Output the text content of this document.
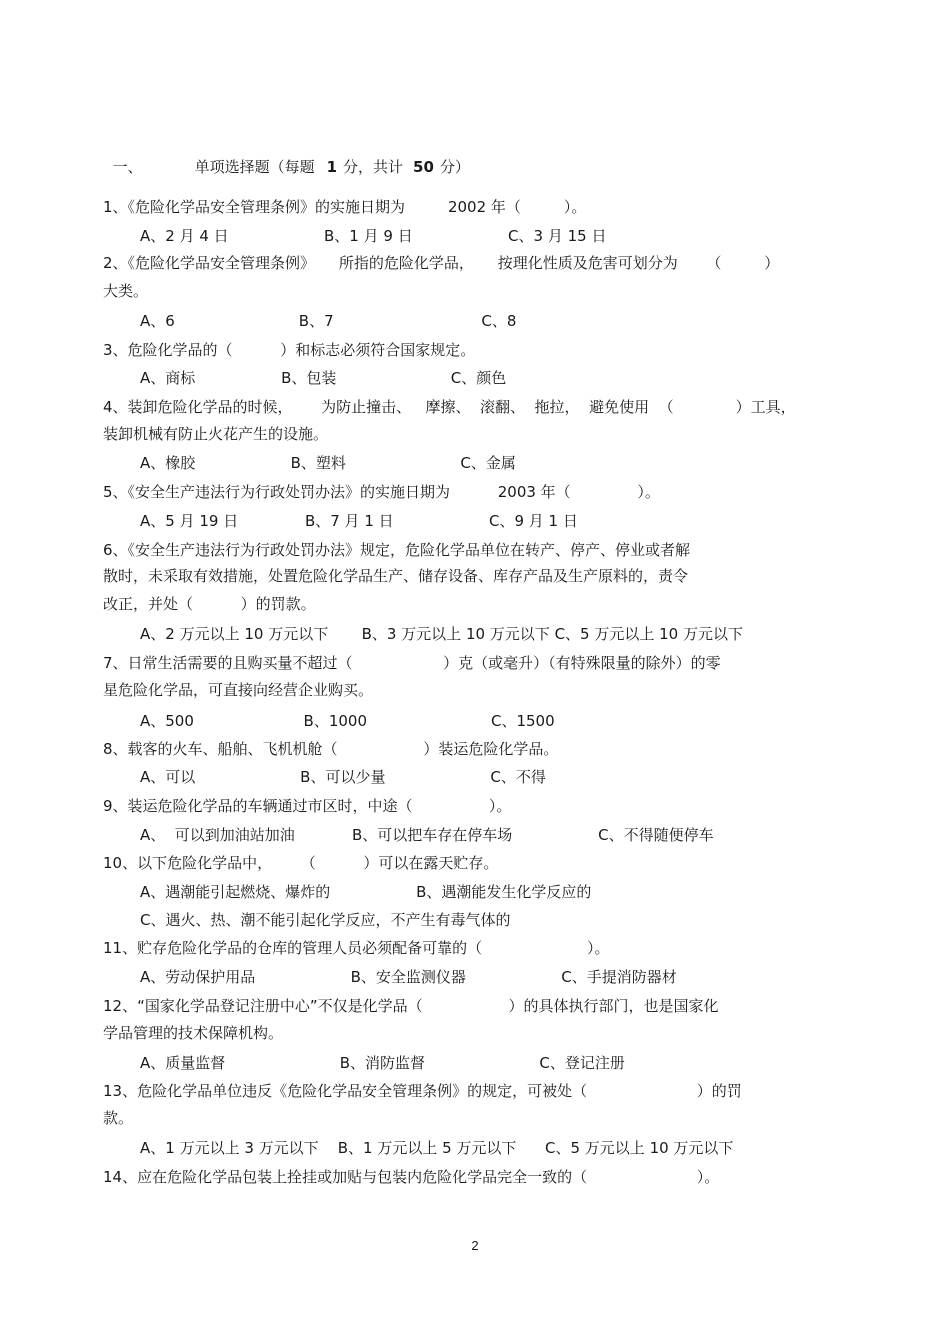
一、	单项选择题（每题 1 分，共计 50 分）

1、《危险化学品安全管理条例》的实施日期为         2002 年（         ）。
A、2 月 4 日                    B、1 月 9 日                    C、3 月 15 日
2、《危险化学品安全管理条例》     所指的危险化学品，     按理化性质及危害可划分为      （         ）
大类。
A、6                          B、7                               C、8
3、危险化学品的（          ）和标志必须符合国家规定。
A、商标                  B、包装                        C、颜色
4、装卸危险化学品的时候，      为防止撞击、   摩擦、  滚翻、  拖拉，  避免使用  （             ）工具，
装卸机械有防止火花产生的设施。
A、橡胶                    B、塑料                        C、金属
5、《安全生产违法行为行政处罚办法》的实施日期为          2003 年（              ）。
A、5 月 19 日              B、7 月 1 日                    C、9 月 1 日
6、《安全生产违法行为行政处罚办法》规定，危险化学品单位在转产、停产、停业或者解
散时，未采取有效措施，处置危险化学品生产、储存设备、库存产品及生产原料的，责令
改正，并处（          ）的罚款。
A、2 万元以上 10 万元以下       B、3 万元以上 10 万元以下 C、5 万元以上 10 万元以下
7、日常生活需要的且购买量不超过（                   ）克（或毫升）（有特殊限量的除外）的零
星危险化学品，可直接向经营企业购买。
A、500                       B、1000                          C、1500
8、载客的火车、船舶、飞机机舱（                  ）装运危险化学品。
A、可以                      B、可以少量                      C、不得
9、装运危险化学品的车辆通过市区时，中途（                ）。
A、  可以到加油站加油            B、可以把车存在停车场                  C、不得随便停车
10、以下危险化学品中，      （          ）可以在露天贮存。
A、遇潮能引起燃烧、爆炸的                  B、遇潮能发生化学反应的
C、遇火、热、潮不能引起化学反应，不产生有毒气体的
11、贮存危险化学品的仓库的管理人员必须配备可靠的（                      ）。
A、劳动保护用品                    B、安全监测仪器                    C、手提消防器材
12、“国家化学品登记注册中心”不仅是化学品（                  ）的具体执行部门，也是国家化
学品管理的技术保障机构。
A、质量监督                        B、消防监督                        C、登记注册
13、危险化学品单位违反《危险化学品安全管理条例》的规定，可被处（                       ）的罚
款。
A、1 万元以上 3 万元以下    B、1 万元以上 5 万元以下      C、5 万元以上 10 万元以下
14、应在危险化学品包装上拴挂或加贴与包装内危险化学品完全一致的（                       ）。
2
